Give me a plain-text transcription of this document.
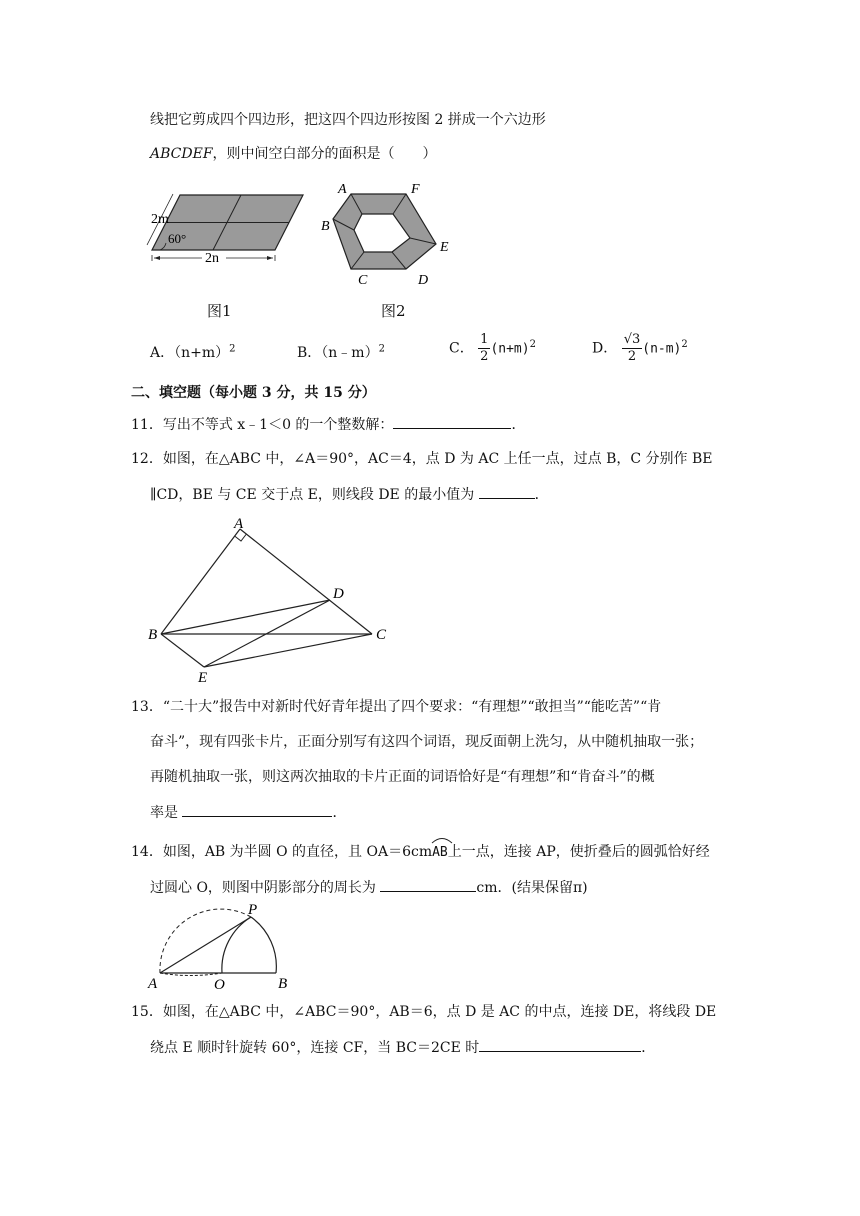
线把它剪成四个四边形，把这四个四边形按图 2 拼成一个六边形
ABCDEF，则中间空白部分的面积是（　　）
2m
60°
2n
图1
A	F
B
E
C	D
图2
A．$(n+m)^2$	B．（n﹣m）$^2$	C． $\frac{1}{2} (n+m)^2$	D． $\frac{√3}{2} (n-m)^2$
二、填空题（每小题 3 分，共 15 分）
11．写出不等式 x﹣1＜0 的一个整数解：	．
12．如图，在△ABC 中，∠A＝90°，AC＝4，点 D 为 AC 上任一点，过点 B，C 分别作 BE
∥CD，BE 与 CE 交于点 E，则线段 DE 的最小值为	．
A
D
B	C
E
13．“二十大”报告中对新时代好青年提出了四个要求：“有理想”“敢担当”“能吃苦”“肯
奋斗”，现有四张卡片，正面分别写有这四个词语，现反面朝上洗匀，从中随机抽取一张；
再随机抽取一张，则这两次抽取的卡片正面的词语恰好是“有理想”和“肯奋斗”的概
率是	．
14．如图，AB 为半圆 O 的直径，且 OA＝6cm
AB上一点，连接 AP，使折叠后的圆弧恰好经
过圆心 O，则图中阴影部分的周长为	cm．(结果保留π)
P
A	O	B
15．如图，在△ABC 中，∠ABC＝90°，AB＝6，点 D 是 AC 的中点，连接 DE，将线段 DE
绕点 E 顺时针旋转 60°，连接 CF，当 BC＝2CE 时	．
